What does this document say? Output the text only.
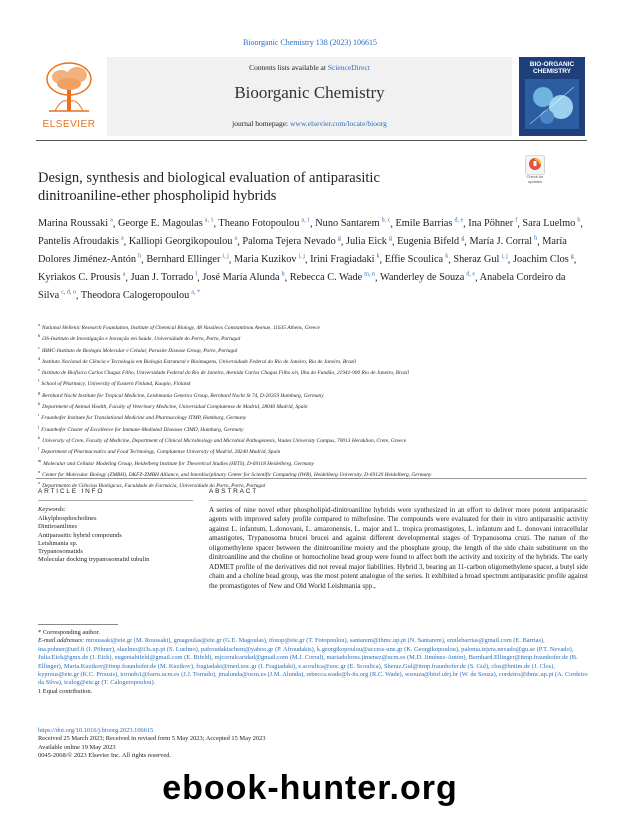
Bioorganic Chemistry 138 (2023) 106615
ELSEVIER
Contents lists available at ScienceDirect
Bioorganic Chemistry
journal homepage: www.elsevier.com/locate/bioorg
BIO-ORGANIC
CHEMISTRY
Check for
updates
Design, synthesis and biological evaluation of antiparasitic
dinitroaniline-ether phospholipid hybrids
Marina Roussaki  $^a$, George E. Magoulas  $^{a, 1}$, Theano Fotopoulou  $^{a, 1}$, Nuno Santarem  $^{b, c}$, Emile Barrias  $^{d, e}$, Ina Pöhner  $^f$, Sara Luelmo  $^b$, Pantelis Afroudakis  $^a$, Kalliopi Georgikopoulou  $^a$, Paloma Tejera Nevado  $^g$, Julia Eick  $^g$, Eugenia Bifeld  $^g$, María J. Corral  $^h$, María Dolores Jiménez-Antón  $^h$, Bernhard Ellinger  $^{i, j}$, Maria Kuzikov  $^{i, j}$, Irini Fragiadaki  $^k$, Effie Scoulica  $^k$, Sheraz Gul  $^{i, j}$, Joachim Clos  $^g$, Kyriakos C. Prousis  $^a$, Juan J. Torrado  $^l$, José María Alunda  $^h$, Rebecca C. Wade  $^{m, n}$, Wanderley de Souza  $^{d, e}$, Anabela Cordeiro da Silva  $^{c, d, o}$, Theodora Calogeropoulou  $^{a, *}$
$^a$National Hellenic Research Foundation, Institute of Chemical Biology, 48 Vassileos Constantinou Avenue, 11635 Athens, Greece
$^b$i3S-Instituto de Investigação e Inovação em Saúde, Universidade do Porto, Porto, Portugal
$^c$IBMC-Instituto de Biologia Molecular e Celular, Parasite Disease Group, Porto, Portugal
$^d$Instituto Nacional de Ciência e Tecnologia em Biologia Estrutural e Bioimagens, Universidade Federal do Rio de Janeiro, Rio de Janeiro, Brazil
$^e$Instituto de Biofísica Carlos Chagas Filho, Universidade Federal do Rio de Janeiro, Avenida Carlos Chagas Filho s/n, Ilha do Fundão, 21941-900 Rio de Janeiro, Brazil
$^f$School of Pharmacy, University of Eastern Finland, Kuopio, Finland
$^g$Bernhard Nocht Institute for Tropical Medicine, Leishmania Genetics Group, Bernhard Nocht St 74, D-20359 Hamburg, Germany
$^h$Department of Animal Health, Faculty of Veterinary Medicine, Universidad Complutense de Madrid, 28040 Madrid, Spain
$^i$Fraunhofer Institute for Translational Medicine and Pharmacology ITMP, Hamburg, Germany
$^j$Fraunhofer Cluster of Excellence for Immune-Mediated Diseases CIMD, Hamburg, Germany
$^k$University of Crete, Faculty of Medicine, Department of Clinical Microbiology and Microbial Pathogenesis, Voutes University Campus, 70013 Heraklion, Crete, Greece
$^l$Department of Pharmaceutics and Food Technology, Complutense University of Madrid, 28240 Madrid, Spain
$^m$Molecular and Cellular Modeling Group, Heidelberg Institute for Theoretical Studies (HITS), D-69118 Heidelberg, Germany
$^n$Center for Molecular Biology (ZMBH), DKFZ-ZMBH Alliance, and Interdisciplinary Center for Scientific Computing (IWR), Heidelberg University, D-69120 Heidelberg, Germany
$^o$Departmento de Ciências Biológicas, Faculdade de Farmácia, Universidade do Porto, Porto, Portugal
ARTICLE INFO
Keywords:
Alkylphosphocholines
Dinitroanilines
Antiparasitic hybrid compounds
Leishmania sp.
Trypanosomatids
Molecular docking trypanosomatid tubulin
ABSTRACT
A series of nine novel ether phospholipid-dinitroaniline hybrids were synthesized in an effort to deliver more potent antiparasitic agents with improved safety profile compared to miltefosine. The compounds were evaluated for their in vitro antiparasitic activity against L. infantum, L.donovani, L. amazonensis, L. major and L. tropica promastigotes, L. infantum and L. donovani intracellular amastigotes, Trypanosoma brucei brucei and against different developmental stages of Trypanosoma cruzi. The nature of the oligomethylene spacer between the dinitroaniline moiety and the phosphate group, the length of the side chain substituent on the dinitroaniline and the choline or homocholine head group were found to affect both the activity and toxicity of the hybrids. The early ADMET profile of the derivatives did not reveal major liabilities. Hybrid 3, bearing an 11-carbon oligomethylene spacer, a butyl side chain and a choline head group, was the most potent analogue of the series. It exhibited a broad spectrum antiparasitic profile against the promastigotes of New and Old World Leishmania spp.,
* Corresponding author.
E-mail addresses: mroussaki@eie.gr (M. Roussaki), gmagoulas@eie.gr (G.E. Magoulas), tfotop@eie.gr (T. Fotopoulou), santarem@ibmc.up.pt (N. Santarem), emilebarrias@gmail.com (E. Barrias), ina.pohner@uef.fi (I. Pöhner), sluelmo@i3s.up.pt (S. Luelmo), pafroudakischem@yahoo.gr (P. Afroudakis), k.georgikopoulou@access-une.gr (K. Georgikopoulou), paloma.tejera.nevado@gu.se (P.T. Nevado), Julia.Eick@gmx.de (J. Eick), eugeniabifeld@gmail.com (E. Bifeld), mjcorralcaridad@gmail.com (M.J. Corral), mariadolores.jimenez@ucm.es (M.D. Jiménez-Antón), Bernhard.Ellinger@itmp.fraunhofer.de (B. Ellinger), Maria.Kuzikov@itmp.fraunhofer.de (M. Kuzikov), fragiadaki@med.uoc.gr (I. Fragiadaki), e.scoulica@uoc.gr (E. Scoulica), Sheraz.Gul@itmp.fraunhofer.de (S. Gul), clos@bnitm.de (J. Clos), kyprous@eie.gr (K.C. Prousis), torrado1@farm.ucm.es (J.J. Torrado), jmalunda@ucm.es (J.M. Alunda), rebecca.wade@h-its.org (R.C. Wade), wsouza@biof.ufrj.br (W. de Souza), cordeiro@ibmc.up.pt (A. Cordeiro da Silva), tcalog@eie.gr (T. Calogeropoulou).
1 Equal contribution.
https://doi.org/10.1016/j.bioorg.2023.106615
Received 25 March 2023; Received in revised form 5 May 2023; Accepted 15 May 2023
Available online 19 May 2023
0045-2068/© 2023 Elsevier Inc. All rights reserved.
ebook-hunter.org
